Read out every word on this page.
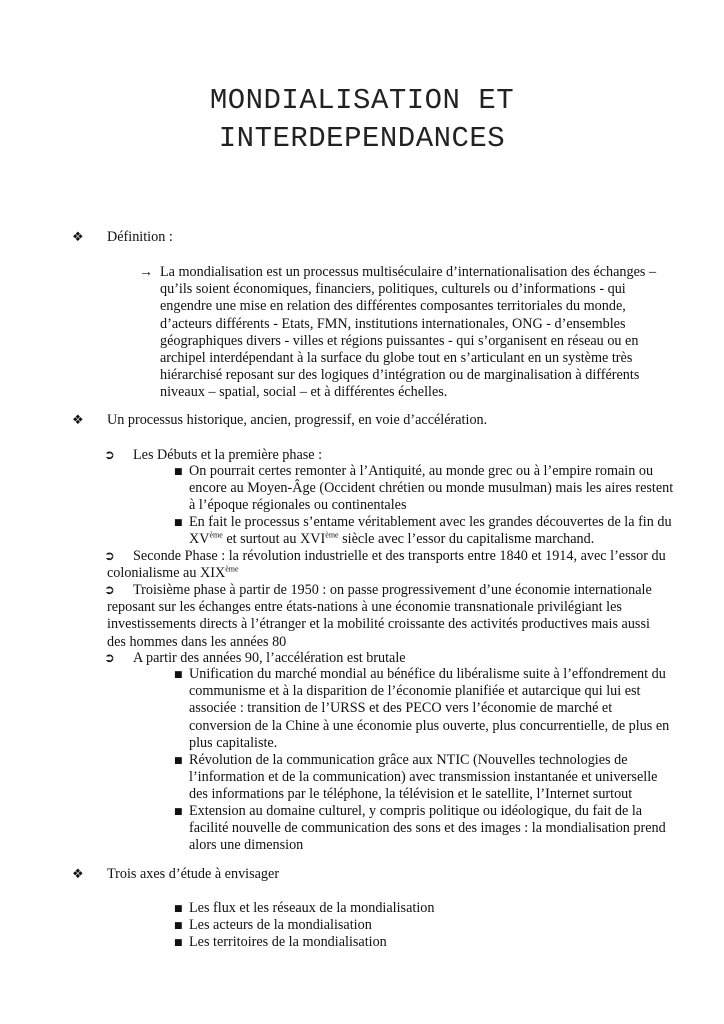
MONDIALISATION ET
INTERDEPENDANCES
❖ Définition :
→ La mondialisation est un processus multiséculaire d’internationalisation des échanges –
qu’ils soient économiques, financiers, politiques, culturels ou d’informations - qui
engendre une mise en relation des différentes composantes territoriales du monde,
d’acteurs différents - Etats, FMN, institutions internationales, ONG - d’ensembles
géographiques divers - villes et régions puissantes - qui s’organisent en réseau ou en
archipel interdépendant à la surface du globe tout en s’articulant en un système très
hiérarchisé reposant sur des logiques d’intégration ou de marginalisation à différents
niveaux – spatial, social – et à différentes échelles.
❖ Un processus historique, ancien, progressif, en voie d’accélération.
➲ Les Débuts et la première phase :
■ On pourrait certes remonter à l’Antiquité, au monde grec ou à l’empire romain ou
encore au Moyen-Âge (Occident chrétien ou monde musulman) mais les aires restent
à l’époque régionales ou continentales
■ En fait le processus s’entame véritablement avec les grandes découvertes de la fin du
XVème et surtout au XVIème siècle avec l’essor du capitalisme marchand.
➲	Seconde Phase : la révolution industrielle et des transports entre 1840 et 1914, avec l’essor du
colonialisme au XIXème
➲	Troisième phase à partir de 1950 : on passe progressivement d’une économie internationale
reposant sur les échanges entre états-nations à une économie transnationale privilégiant les
investissements directs à l’étranger et la mobilité croissante des activités productives mais aussi
des hommes dans les années 80
➲ A partir des années 90, l’accélération est brutale
■ Unification du marché mondial au bénéfice du libéralisme suite à l’effondrement du
communisme et à la disparition de l’économie planifiée et autarcique qui lui est
associée : transition de l’URSS et des PECO vers l’économie de marché et
conversion de la Chine à une économie plus ouverte, plus concurrentielle, de plus en
plus capitaliste.
■ Révolution de la communication grâce aux NTIC (Nouvelles technologies de
l’information et de la communication) avec transmission instantanée et universelle
des informations par le téléphone, la télévision et le satellite, l’Internet surtout
■ Extension au domaine culturel, y compris politique ou idéologique, du fait de la
facilité nouvelle de communication des sons et des images : la mondialisation prend
alors une dimension
❖ Trois axes d’étude à envisager
■ Les flux et les réseaux de la mondialisation
■ Les acteurs de la mondialisation
■ Les territoires de la mondialisation
